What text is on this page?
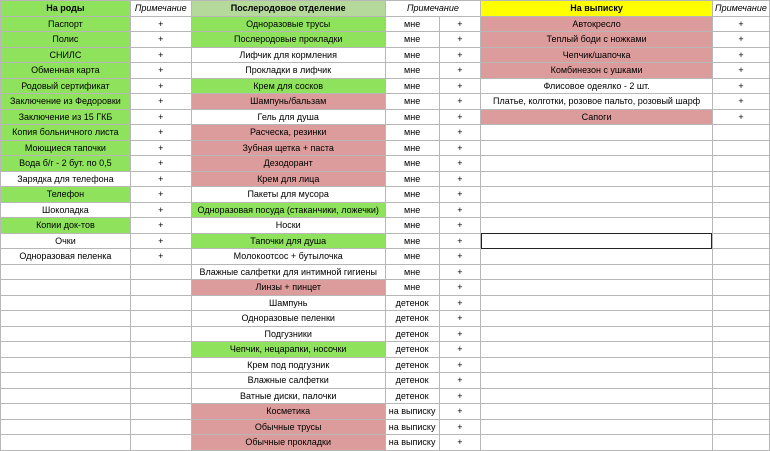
На роды	Примечание	Послеродовое отделение	Примечание		На выписку	Примечание
Паспорт	+	Одноразовые трусы	мне	+	Автокресло	+
Полис	+	Послеродовые прокладки	мне	+	Теплый боди с ножками	+
СНИЛС	+	Лифчик для кормления	мне	+	Чепчик/шапочка	+
Обменная карта	+	Прокладки в лифчик	мне	+	Комбинезон с ушками	+
Родовый сертификат	+	Крем для сосков	мне	+	Флисовое одеялко - 2 шт.	+
Заключение из Федоровки	+	Шампунь/бальзам	мне	+	Платье, колготки, розовое пальто, розовый шарф	+
Заключение из 15 ГКБ	+	Гель для душа	мне	+	Сапоги	+
Копия больничного листа	+	Расческа, резинки	мне	+		
Моющиеся тапочки	+	Зубная щетка + паста	мне	+		
Вода б/г - 2 бут. по 0,5	+	Дезодорант	мне	+		
Зарядка для телефона	+	Крем для лица	мне	+		
Телефон	+	Пакеты для мусора	мне	+		
Шоколадка	+	Одноразовая посуда (стаканчики, ложечки)	мне	+		
Копии док-тов	+	Носки	мне	+		
Очки	+	Тапочки для душа	мне	+		
Одноразовая пеленка	+	Молокоотсос + бутылочка	мне	+		
		Влажные салфетки для интимной гигиены	мне	+		
		Линзы + пинцет	мне	+		
		Шампунь	детенок	+		
		Одноразовые пеленки	детенок	+		
		Подгузники	детенок	+		
		Чепчик, нецарапки, носочки	детенок	+		
		Крем под подгузник	детенок	+		
		Влажные салфетки	детенок	+		
		Ватные диски, палочки	детенок	+		
		Косметика	на выписку	+		
		Обычные трусы	на выписку	+		
		Обычные прокладки	на выписку	+		
